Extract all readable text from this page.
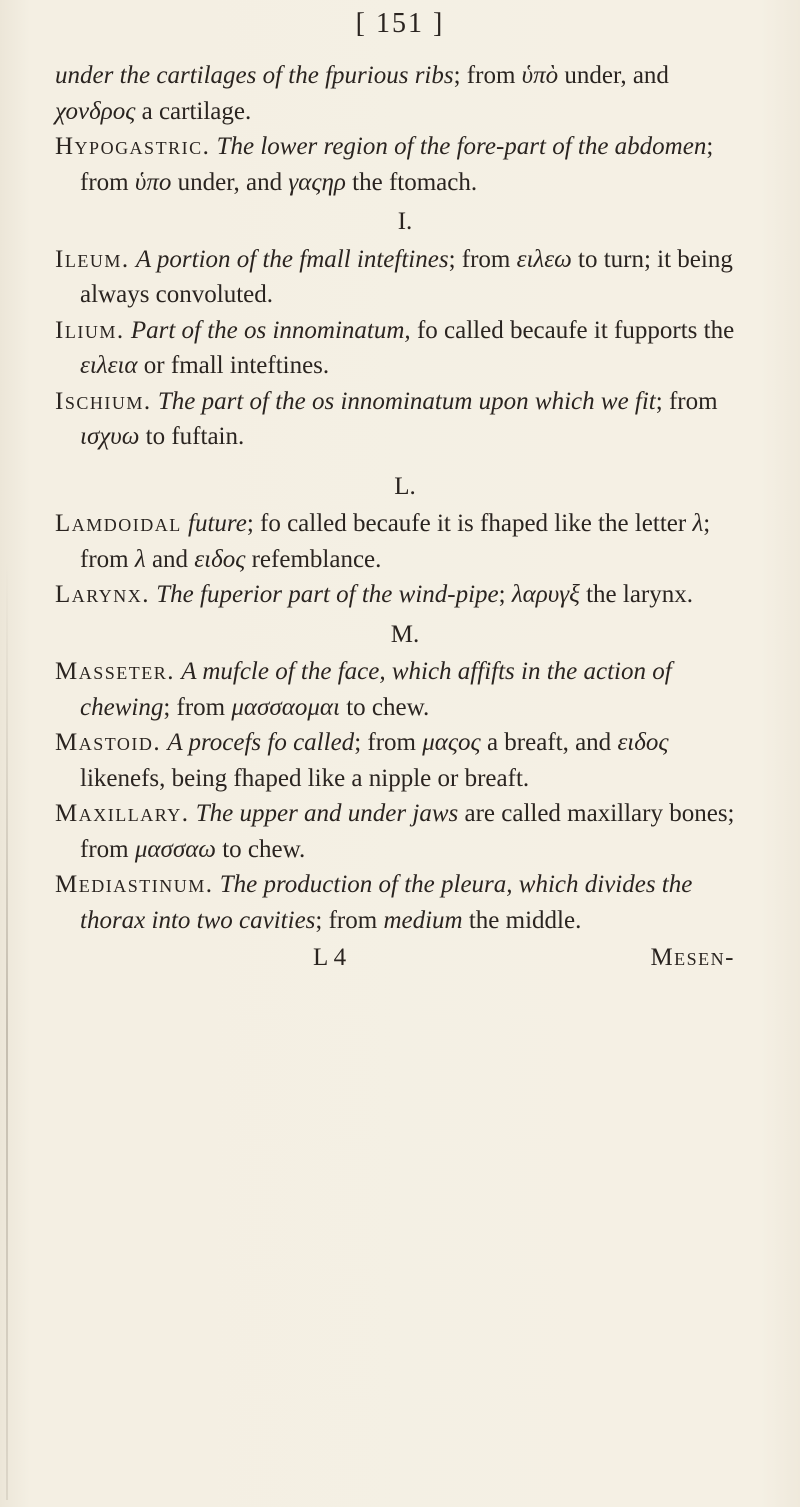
[ 151 ]

under the cartilages of the fpurious ribs; from ὑπὸ under, and χονδρος a cartilage.

Hypogastric. The lower region of the fore-part of the abdomen; from ὑπο under, and γαςηρ the ftomach.

I.

Ileum. A portion of the fmall inteftines; from ειλεω to turn; it being always convoluted.

Ilium. Part of the os innominatum, fo called becaufe it fupports the ειλεια or fmall inteftines.

Ischium. The part of the os innominatum upon which we fit; from ισχυω to fuftain.

L.

Lamdoidal future; fo called becaufe it is fhaped like the letter λ; from λ and ειδος refemblance.

Larynx. The fuperior part of the wind-pipe; λαρυγξ the larynx.

M.

Masseter. A mufcle of the face, which affifts in the action of chewing; from μασσαομαι to chew.

Mastoid. A procefs fo called; from μαςος a breaft, and ειδος likenefs, being fhaped like a nipple or breaft.

Maxillary. The upper and under jaws are called maxillary bones; from μασσαω to chew.

Mediastinum. The production of the pleura, which divides the thorax into two cavities; from medium the middle.

L 4	Mesen-
